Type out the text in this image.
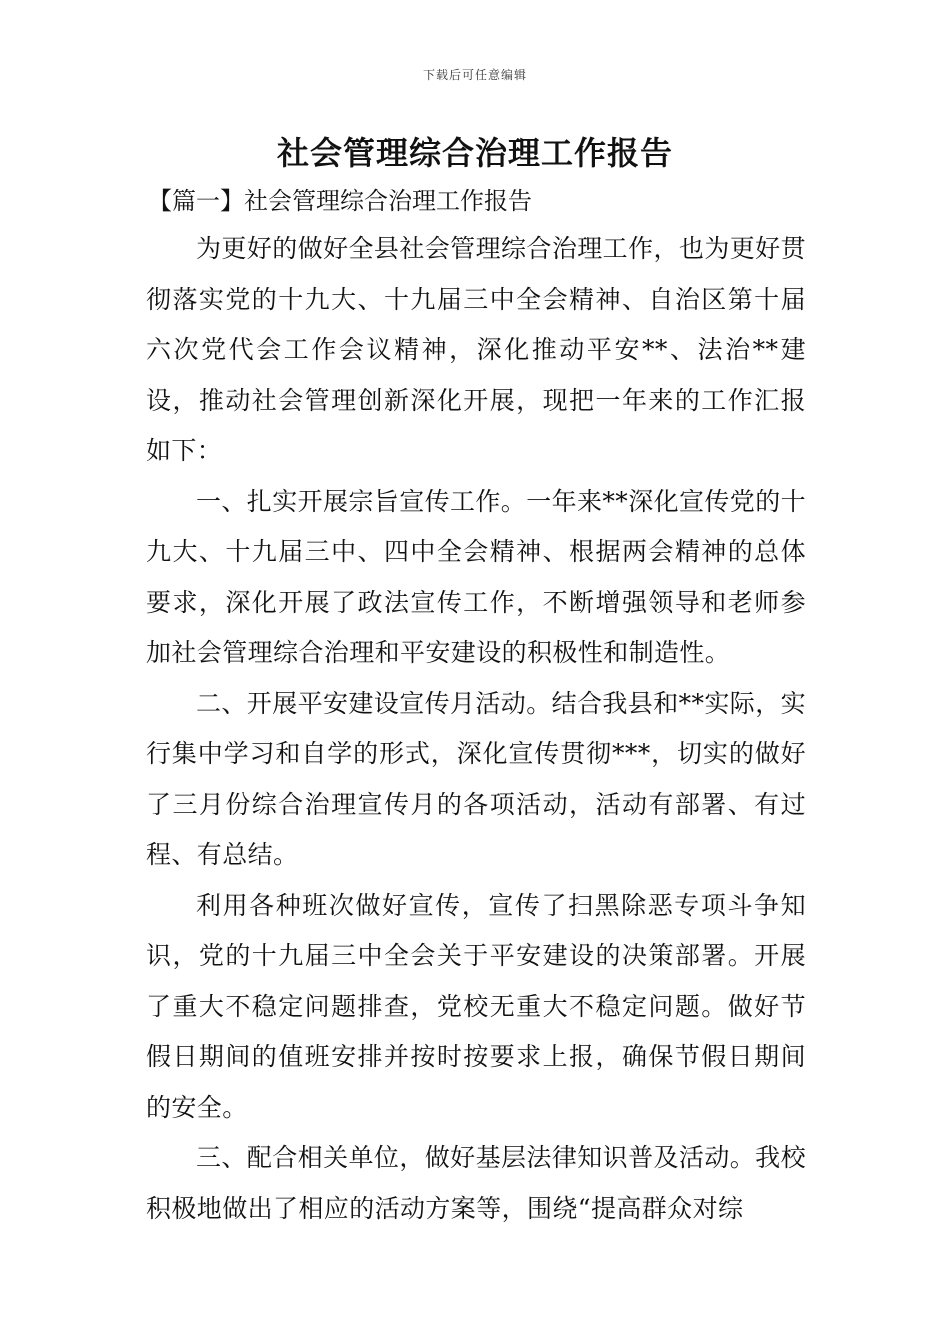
下载后可任意编辑
社会管理综合治理工作报告
【篇一】社会管理综合治理工作报告

为更好的做好全县社会管理综合治理工作，也为更好贯彻落实党的十九大、十九届三中全会精神、自治区第十届六次党代会工作会议精神，深化推动平安**、法治**建设，推动社会管理创新深化开展，现把一年来的工作汇报如下：

一、扎实开展宗旨宣传工作。一年来**深化宣传党的十九大、十九届三中、四中全会精神、根据两会精神的总体要求，深化开展了政法宣传工作，不断增强领导和老师参加社会管理综合治理和平安建设的积极性和制造性。

二、开展平安建设宣传月活动。结合我县和**实际，实行集中学习和自学的形式，深化宣传贯彻***，切实的做好了三月份综合治理宣传月的各项活动，活动有部署、有过程、有总结。

利用各种班次做好宣传，宣传了扫黑除恶专项斗争知识，党的十九届三中全会关于平安建设的决策部署。开展了重大不稳定问题排查，党校无重大不稳定问题。做好节假日期间的值班安排并按时按要求上报，确保节假日期间的安全。

三、配合相关单位，做好基层法律知识普及活动。我校积极地做出了相应的活动方案等，围绕“提高群众对综
